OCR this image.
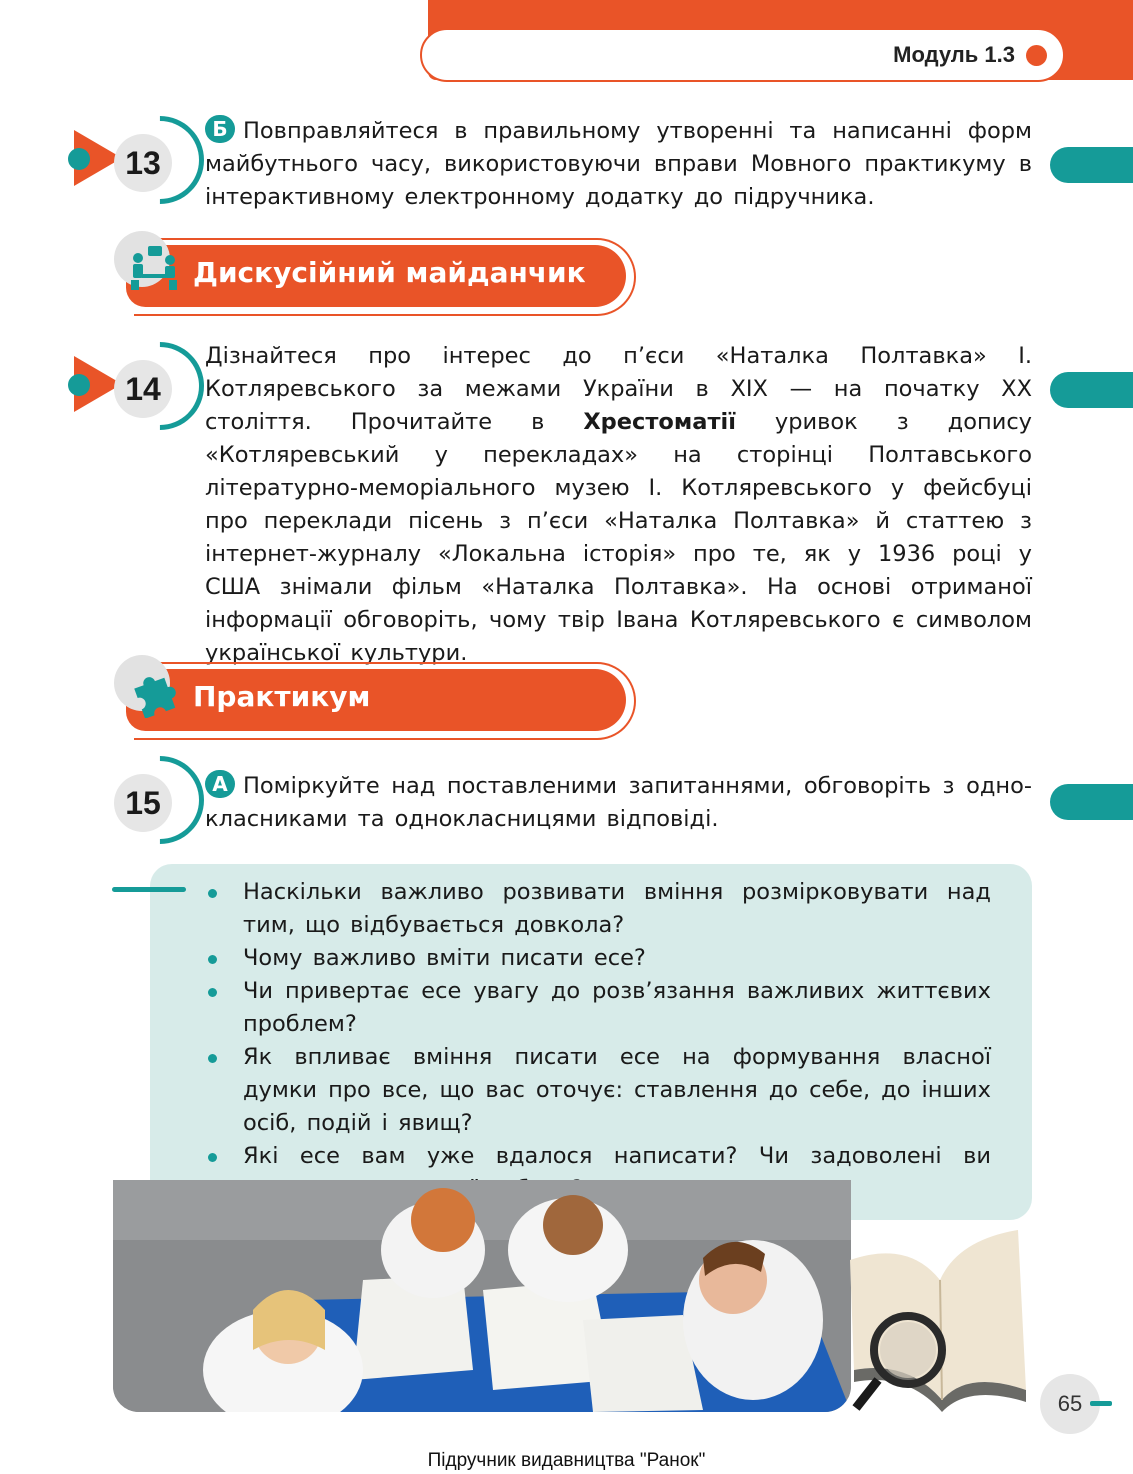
Модуль 1.3
13
Б Повправляйтеся в правильному утворенні та написанні форм майбутнього часу, використовуючи вправи Мовного практикуму в інтерактивному електронному додатку до підручника.
Дискусійний майданчик
14
Дізнайтеся про інтерес до п’єси «Наталка Полтавка» І. Котляревського за межами України в XIX — на початку XX століття. Прочитайте в Хрестоматії уривок з допису «Котляревський у перекладах» на сторінці Полтавського літературно-меморіального музею І. Котляревського у фейсбуці про переклади пісень з п’єси «Наталка Полтавка» й статтею з інтернет-журналу «Локальна історія» про те, як у 1936 році у США знімали фільм «Наталка Полтавка». На основі отриманої інформації обговоріть, чому твір Івана Котляревського є символом української культури.
Практикум
15
А Поміркуйте над поставленими запитаннями, обговоріть з однокласниками та однокласницями відповіді.
Наскільки важливо розвивати вміння розмірковувати над тим, що відбувається довкола?
Чому важливо вміти писати есе?
Чи привертає есе увагу до розв’язання важливих життєвих проблем?
Як впливає вміння писати есе на формування власної думки про все, що вас оточує: ставлення до себе, до інших осіб, подій і явищ?
Які есе вам уже вдалося написати? Чи задоволені ви
65
Підручник видавництва "Ранок"
